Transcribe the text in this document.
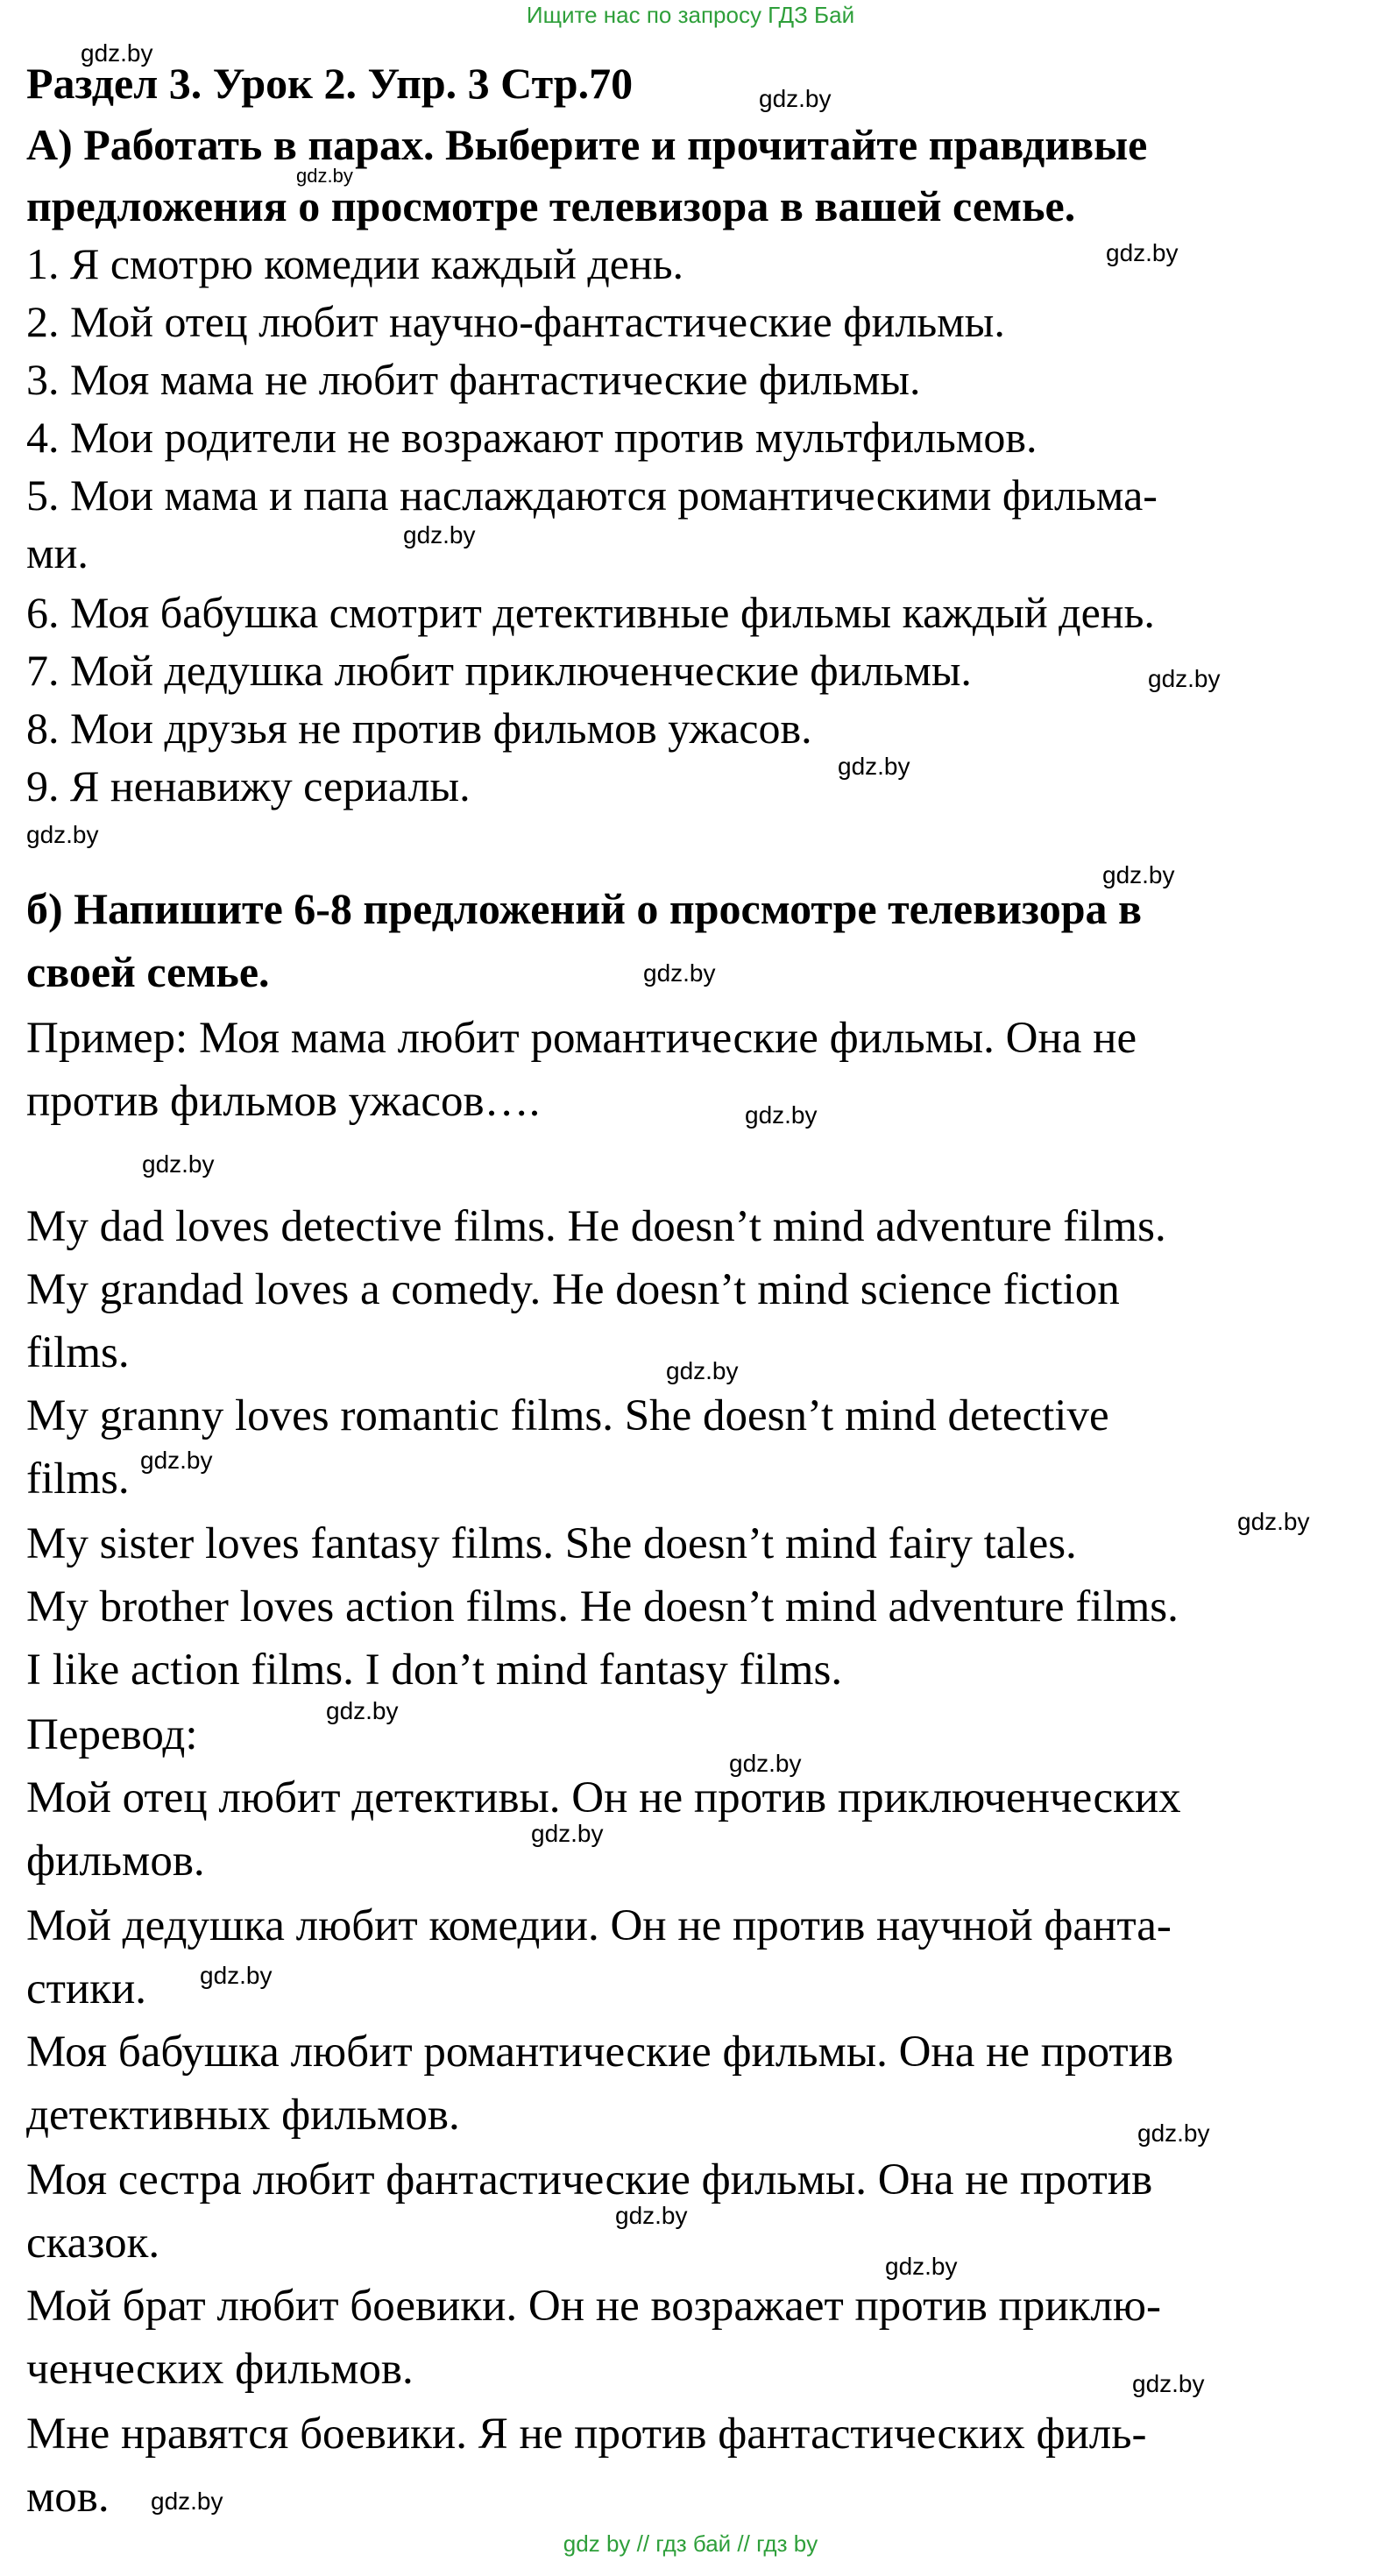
Ищите нас по запросу ГДЗ Бай
Раздел 3. Урок 2. Упр. 3 Стр.70
А) Работать в парах. Выберите и прочитайте правдивые
предложения о просмотре телевизора в вашей семье.
1. Я смотрю комедии каждый день.
2. Мой отец любит научно-фантастические фильмы.
3. Моя мама не любит фантастические фильмы.
4. Мои родители не возражают против мультфильмов.
5. Мои мама и папа наслаждаются романтическими фильма-
ми.
6. Моя бабушка смотрит детективные фильмы каждый день.
7. Мой дедушка любит приключенческие фильмы.
8. Мои друзья не против фильмов ужасов.
9. Я ненавижу сериалы.
б) Напишите 6-8 предложений о просмотре телевизора в
своей семье.
Пример: Моя мама любит романтические фильмы. Она не
против фильмов ужасов….
My dad loves detective films. He doesn’t mind adventure films.
My grandad loves a comedy. He doesn’t mind science fiction
films.
My granny loves romantic films. She doesn’t mind detective
films.
My sister loves fantasy films. She doesn’t mind fairy tales.
My brother loves action films. He doesn’t mind adventure films.
I like action films. I don’t mind fantasy films.
Перевод:
Мой отец любит детективы. Он не против приключенческих
фильмов.
Мой дедушка любит комедии. Он не против научной фанта-
стики.
Моя бабушка любит романтические фильмы. Она не против
детективных фильмов.
Моя сестра любит фантастические фильмы. Она не против
сказок.
Мой брат любит боевики. Он не возражает против приклю-
ченческих фильмов.
Мне нравятся боевики. Я не против фантастических филь-
мов.
gdz.by
gdz.by
gdz.by
gdz.by
gdz.by
gdz.by
gdz.by
gdz.by
gdz.by
gdz.by
gdz.by
gdz.by
gdz.by
gdz.by
gdz.by
gdz.by
gdz.by
gdz.by
gdz.by
gdz.by
gdz.by
gdz.by
gdz.by
gdz.by
gdz by // гдз бай // гдз by
